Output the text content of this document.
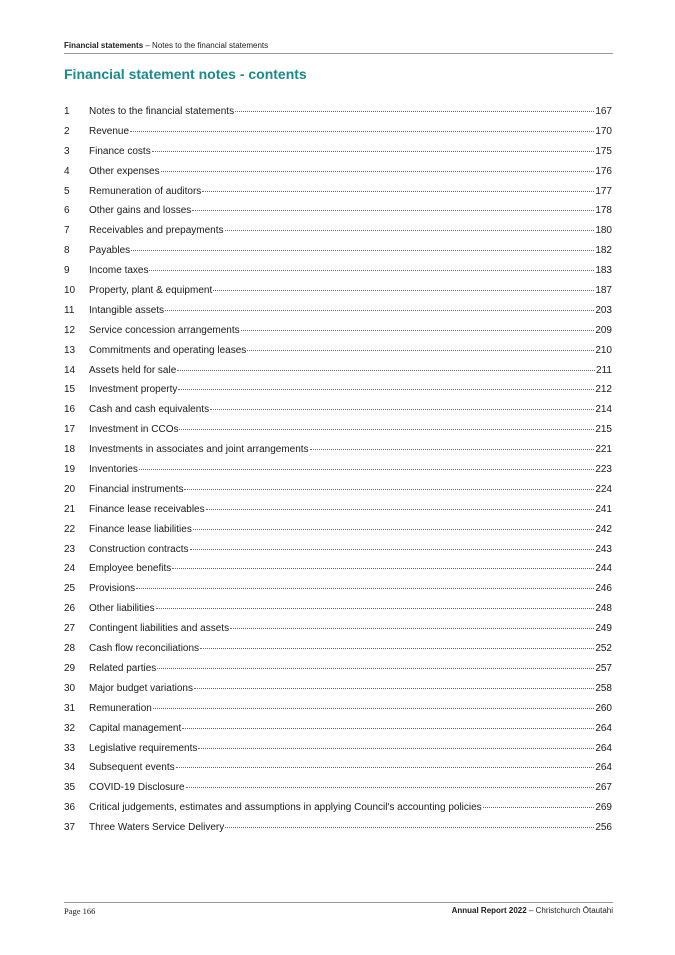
Financial statements – Notes to the financial statements
Financial statement notes - contents
1	Notes to the financial statements	167
2	Revenue	170
3	Finance costs	175
4	Other expenses	176
5	Remuneration of auditors	177
6	Other gains and losses	178
7	Receivables and prepayments	180
8	Payables	182
9	Income taxes	183
10	Property, plant & equipment	187
11	Intangible assets	203
12	Service concession arrangements	209
13	Commitments and operating leases	210
14	Assets held for sale	211
15	Investment property	212
16	Cash and cash equivalents	214
17	Investment in CCOs	215
18	Investments in associates and joint arrangements	221
19	Inventories	223
20	Financial instruments	224
21	Finance lease receivables	241
22	Finance lease liabilities	242
23	Construction contracts	243
24	Employee benefits	244
25	Provisions	246
26	Other liabilities	248
27	Contingent liabilities and assets	249
28	Cash flow reconciliations	252
29	Related parties	257
30	Major budget variations	258
31	Remuneration	260
32	Capital management	264
33	Legislative requirements	264
34	Subsequent events	264
35	COVID-19 Disclosure	267
36	Critical judgements, estimates and assumptions in applying Council's accounting policies	269
37	Three Waters Service Delivery	256
Page 166	Annual Report 2022 – Christchurch Ōtautahi
